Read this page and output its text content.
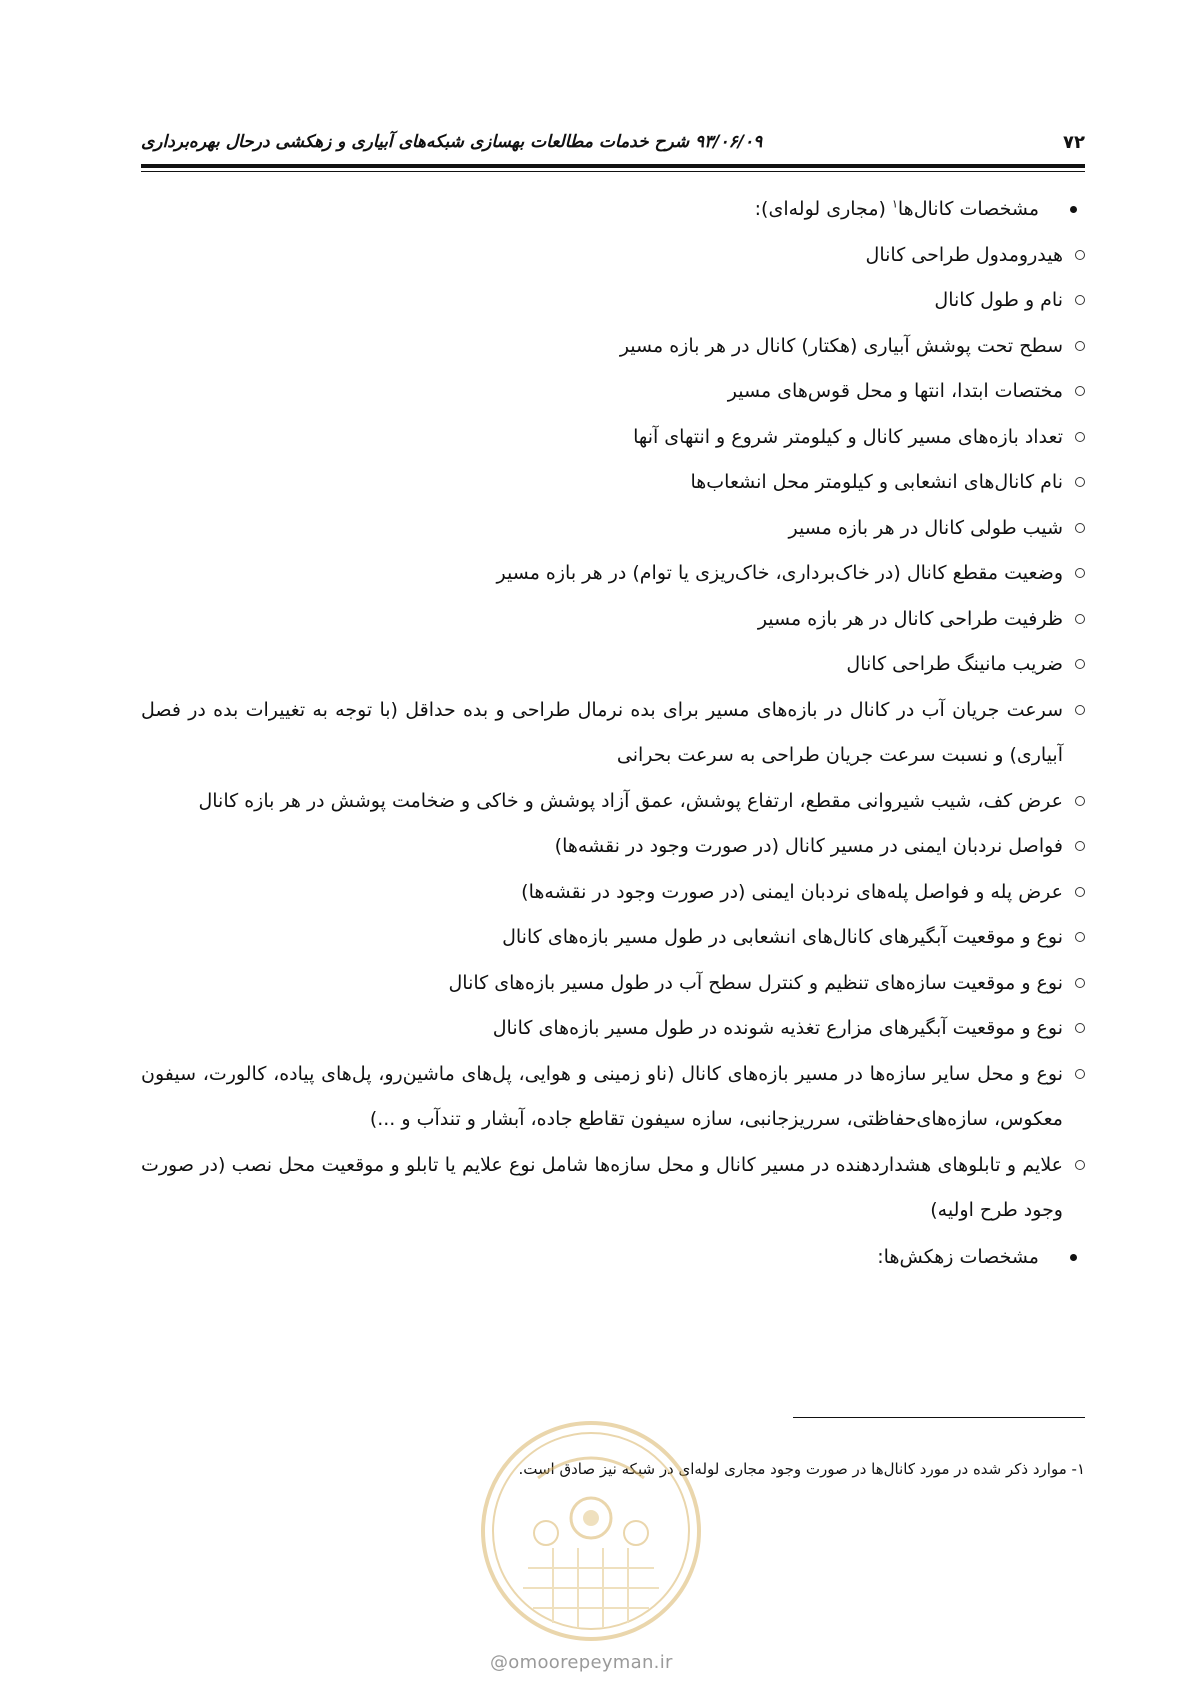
۷۲
۹۳/۰۶/۰۹ شرح خدمات مطالعات بهسازی شبکه‌های آبیاری و زهکشی درحال بهره‌برداری
مشخصات کانال‌ها$^۱$ (مجاری لوله‌ای):
هیدرومدول طراحی کانال
نام و طول کانال
سطح تحت پوشش آبیاری (هکتار) کانال در هر بازه مسیر
مختصات ابتدا، انتها و محل قوس‌های مسیر
تعداد بازه‌های مسیر کانال و کیلومتر شروع و انتهای آنها
نام کانال‌های انشعابی و کیلومتر محل انشعاب‌ها
شیب طولی کانال در هر بازه مسیر
وضعیت مقطع کانال (در خاک‌برداری، خاک‌ریزی یا توام) در هر بازه مسیر
ظرفیت طراحی کانال در هر بازه مسیر
ضریب مانینگ طراحی کانال
سرعت جریان آب در کانال در بازه‌های مسیر برای بده نرمال طراحی و بده حداقل (با توجه به تغییرات بده در فصل آبیاری) و نسبت سرعت جریان طراحی به سرعت بحرانی
عرض کف، شیب شیروانی مقطع، ارتفاع پوشش، عمق آزاد پوشش و خاکی و ضخامت پوشش در هر بازه کانال
فواصل نردبان ایمنی در مسیر کانال (در صورت وجود در نقشه‌ها)
عرض پله و فواصل پله‌های نردبان ایمنی (در صورت وجود در نقشه‌ها)
نوع و موقعیت آبگیرهای کانال‌های انشعابی در طول مسیر بازه‌های کانال
نوع و موقعیت سازه‌های تنظیم و کنترل سطح آب در طول مسیر بازه‌های کانال
نوع و موقعیت آبگیرهای مزارع تغذیه شونده در طول مسیر بازه‌های کانال
نوع و محل سایر سازه‌ها در مسیر بازه‌های کانال (ناو زمینی و هوایی، پل‌های ماشین‌رو، پل‌های پیاده، کالورت، سیفون معکوس، سازه‌های‌حفاظتی، سرریزجانبی، سازه سیفون تقاطع جاده، آبشار و تندآب و ...)
علایم و تابلوهای هشداردهنده در مسیر کانال و محل سازه‌ها شامل نوع علایم یا تابلو و موقعیت محل نصب (در صورت وجود طرح اولیه)
مشخصات زهکش‌ها:
۱- موارد ذکر شده در مورد کانال‌ها در صورت وجود مجاری لوله‌ای در شبکه نیز صادق است.
@omoorepeyman.ir
